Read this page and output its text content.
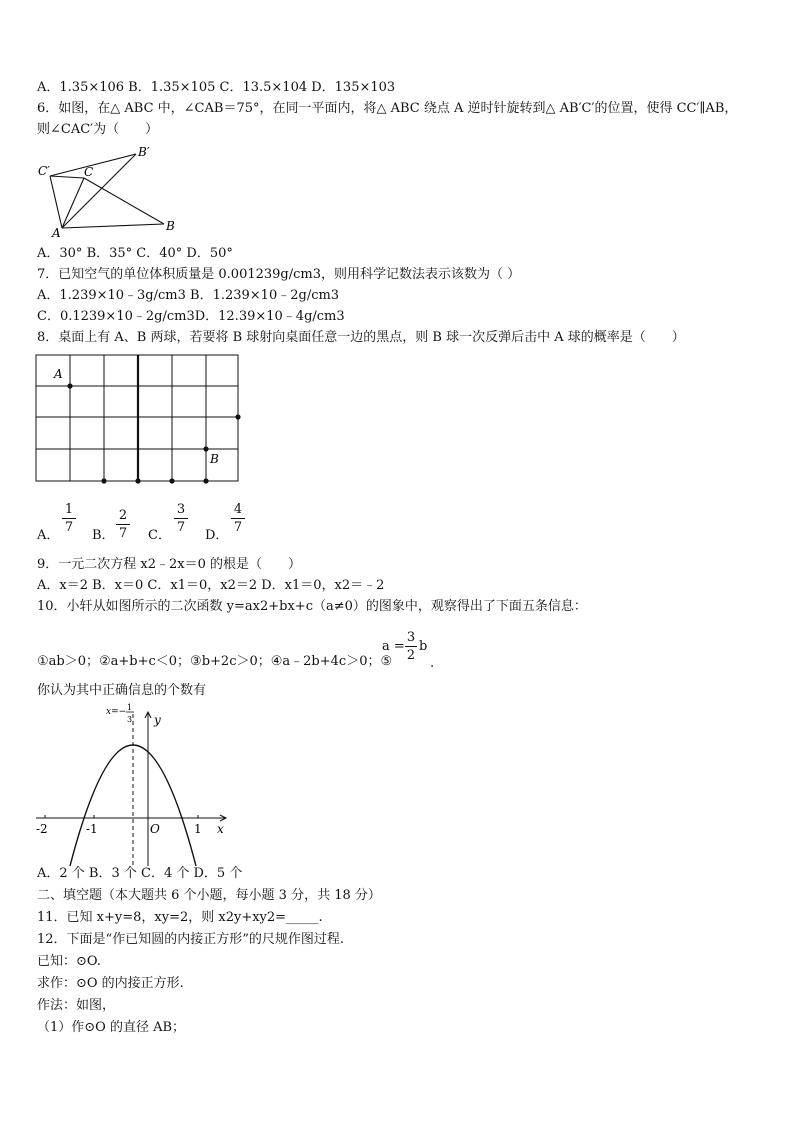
A．1.35×106 B．1.35×105 C．13.5×104 D．135×103
6．如图，在△ ABC 中，∠CAB＝75°，在同一平面内，将△ ABC 绕点 A 逆时针旋转到△ AB′C′的位置，使得 CC′∥AB，
则∠CAC′为（　　）
C′	C
B′
A	B
A．30° B．35° C．40° D．50°
7．已知空气的单位体积质量是 0.001239g/cm3，则用科学记数法表示该数为（ ）
A．1.239×10﹣3g/cm3 B．1.239×10﹣2g/cm3
C．0.1239×10﹣2g/cm3D．12.39×10﹣4g/cm3
8．桌面上有 A、B 两球，若要将 B 球射向桌面任意一边的黑点，则 B 球一次反弹后击中 A 球的概率是（　　）
A
B
A．
1
7
B．
2
7 C．
3
7
D．
4
7
9．一元二次方程 x2﹣2x＝0 的根是（　　）
A．x＝2 B．x＝0 C．x1＝0，x2＝2 D．x1＝0，x2＝﹣2
10．小轩从如图所示的二次函数 y=ax2+bx+c（a≠0）的图象中，观察得出了下面五条信息：
①ab＞0；②a+b+c＜0；③b+2c＞0；④a﹣2b+4c＞0；⑤
a =
3
2
b
.
你认为其中正确信息的个数有
x=− 1
3 y
x
O
-2	-1	1
A．2 个 B．3 个 C．4 个 D．5 个
二、填空题（本大题共 6 个小题，每小题 3 分，共 18 分）
11．已知 x+y=8，xy=2，则 x2y+xy2=_____.
12．下面是“作已知圆的内接正方形”的尺规作图过程.
已知：⊙O.
求作：⊙O 的内接正方形.
作法：如图，
（1）作⊙O 的直径 AB；
